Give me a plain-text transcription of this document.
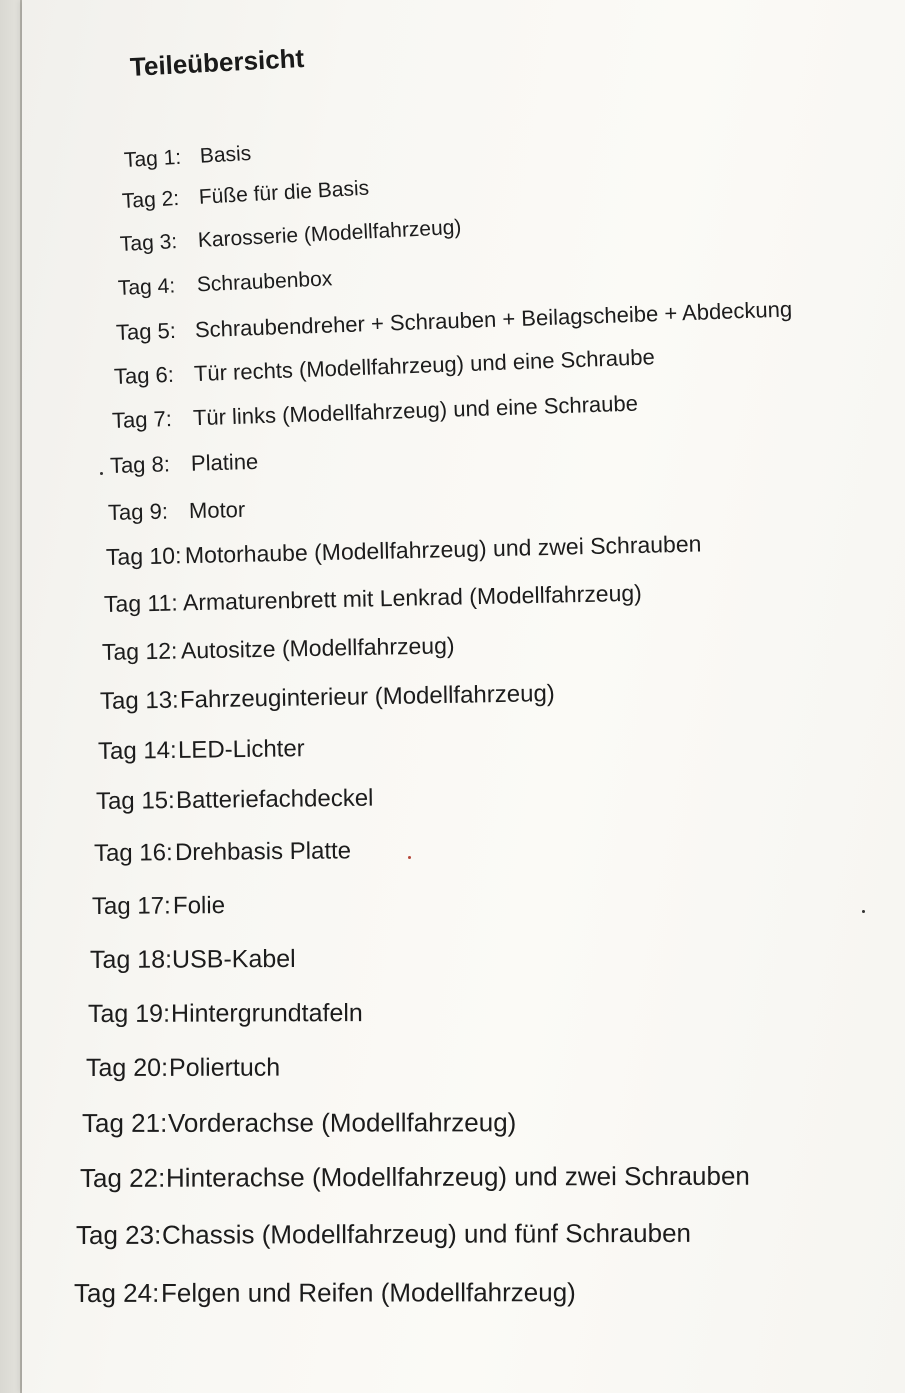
Teileübersicht
Tag 1: Basis
Tag 2: Füße für die Basis
Tag 3: Karosserie (Modellfahrzeug)
Tag 4: Schraubenbox
Tag 5: Schraubendreher + Schrauben + Beilagscheibe + Abdeckung
Tag 6: Tür rechts (Modellfahrzeug) und eine Schraube
Tag 7: Tür links (Modellfahrzeug) und eine Schraube
Tag 8: Platine
Tag 9: Motor
Tag 10: Motorhaube (Modellfahrzeug) und zwei Schrauben
Tag 11: Armaturenbrett mit Lenkrad (Modellfahrzeug)
Tag 12: Autositze (Modellfahrzeug)
Tag 13:Fahrzeuginterieur (Modellfahrzeug)
Tag 14:LED-Lichter
Tag 15:Batteriefachdeckel
Tag 16:Drehbasis Platte
Tag 17:Folie
Tag 18:USB-Kabel
Tag 19:Hintergrundtafeln
Tag 20:Poliertuch
Tag 21:Vorderachse (Modellfahrzeug)
Tag 22:Hinterachse (Modellfahrzeug) und zwei Schrauben
Tag 23:Chassis (Modellfahrzeug) und fünf Schrauben
Tag 24:Felgen und Reifen (Modellfahrzeug)
